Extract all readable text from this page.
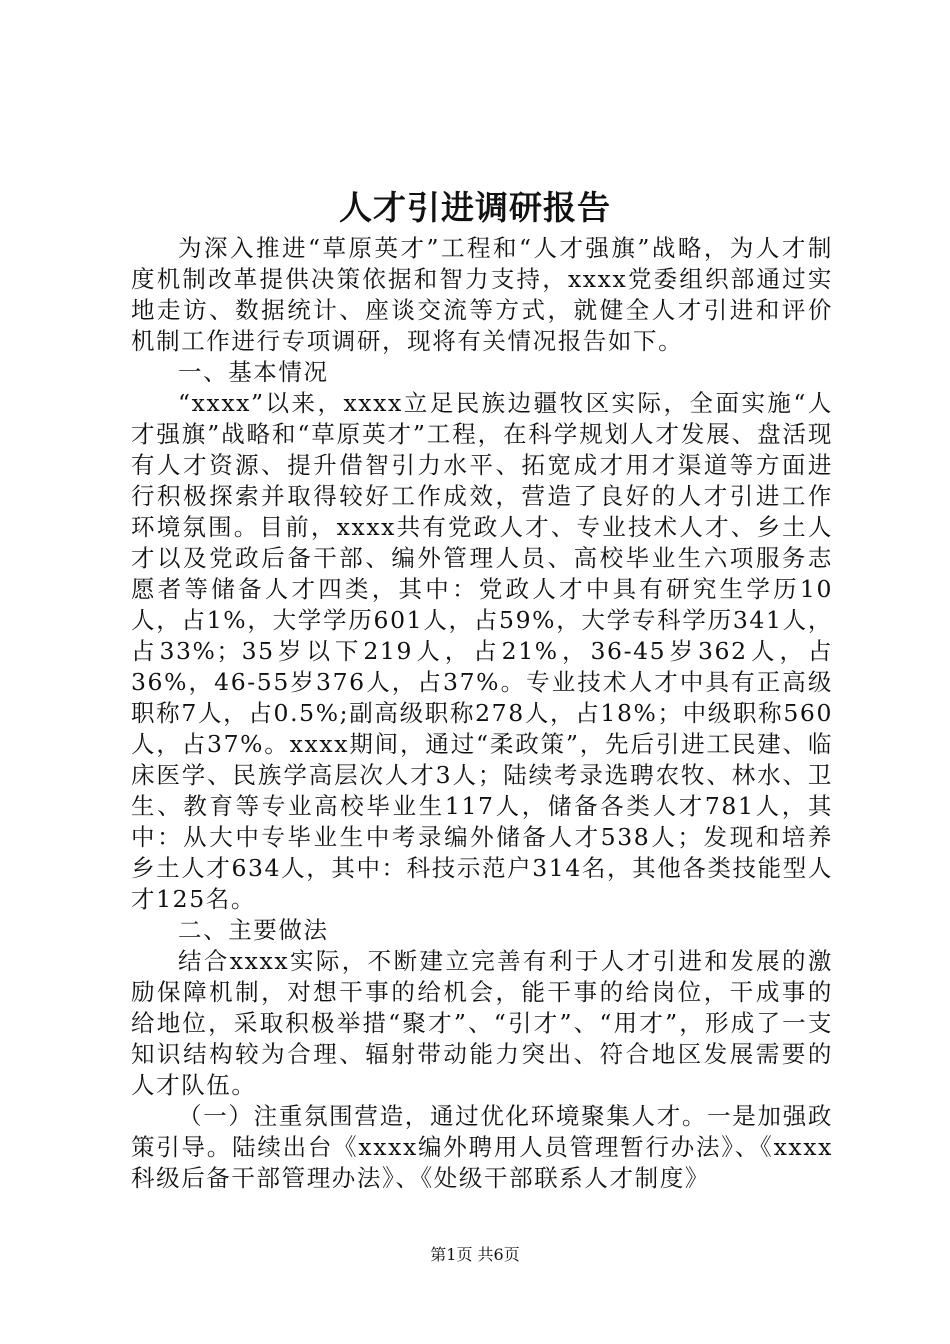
人才引进调研报告

为深入推进“草原英才”工程和“人才强旗”战略，为人才制度机制改革提供决策依据和智力支持，xxxx党委组织部通过实地走访、数据统计、座谈交流等方式，就健全人才引进和评价机制工作进行专项调研，现将有关情况报告如下。

一、基本情况

“xxxx”以来，xxxx立足民族边疆牧区实际，全面实施“人才强旗”战略和“草原英才”工程，在科学规划人才发展、盘活现有人才资源、提升借智引力水平、拓宽成才用才渠道等方面进行积极探索并取得较好工作成效，营造了良好的人才引进工作环境氛围。目前，xxxx共有党政人才、专业技术人才、乡土人才以及党政后备干部、编外管理人员、高校毕业生六项服务志愿者等储备人才四类，其中：党政人才中具有研究生学历10人，占1%，大学学历601人，占59%，大学专科学历341人，占33%；35岁以下219人，占21%，36-45岁362人，占36%，46-55岁376人，占37%。专业技术人才中具有正高级职称7人，占0.5%;副高级职称278人，占18%；中级职称560人，占37%。xxxx期间，通过“柔政策”，先后引进工民建、临床医学、民族学高层次人才3人；陆续考录选聘农牧、林水、卫生、教育等专业高校毕业生117人，储备各类人才781人，其中：从大中专毕业生中考录编外储备人才538人；发现和培养乡土人才634人，其中：科技示范户314名，其他各类技能型人才125名。

二、主要做法

结合xxxx实际，不断建立完善有利于人才引进和发展的激励保障机制，对想干事的给机会，能干事的给岗位，干成事的给地位，采取积极举措“聚才”、“引才”、“用才”，形成了一支知识结构较为合理、辐射带动能力突出、符合地区发展需要的人才队伍。

（一）注重氛围营造，通过优化环境聚集人才。一是加强政策引导。陆续出台《xxxx编外聘用人员管理暂行办法》、《xxxx科级后备干部管理办法》、《处级干部联系人才制度》

第1页 共6页
